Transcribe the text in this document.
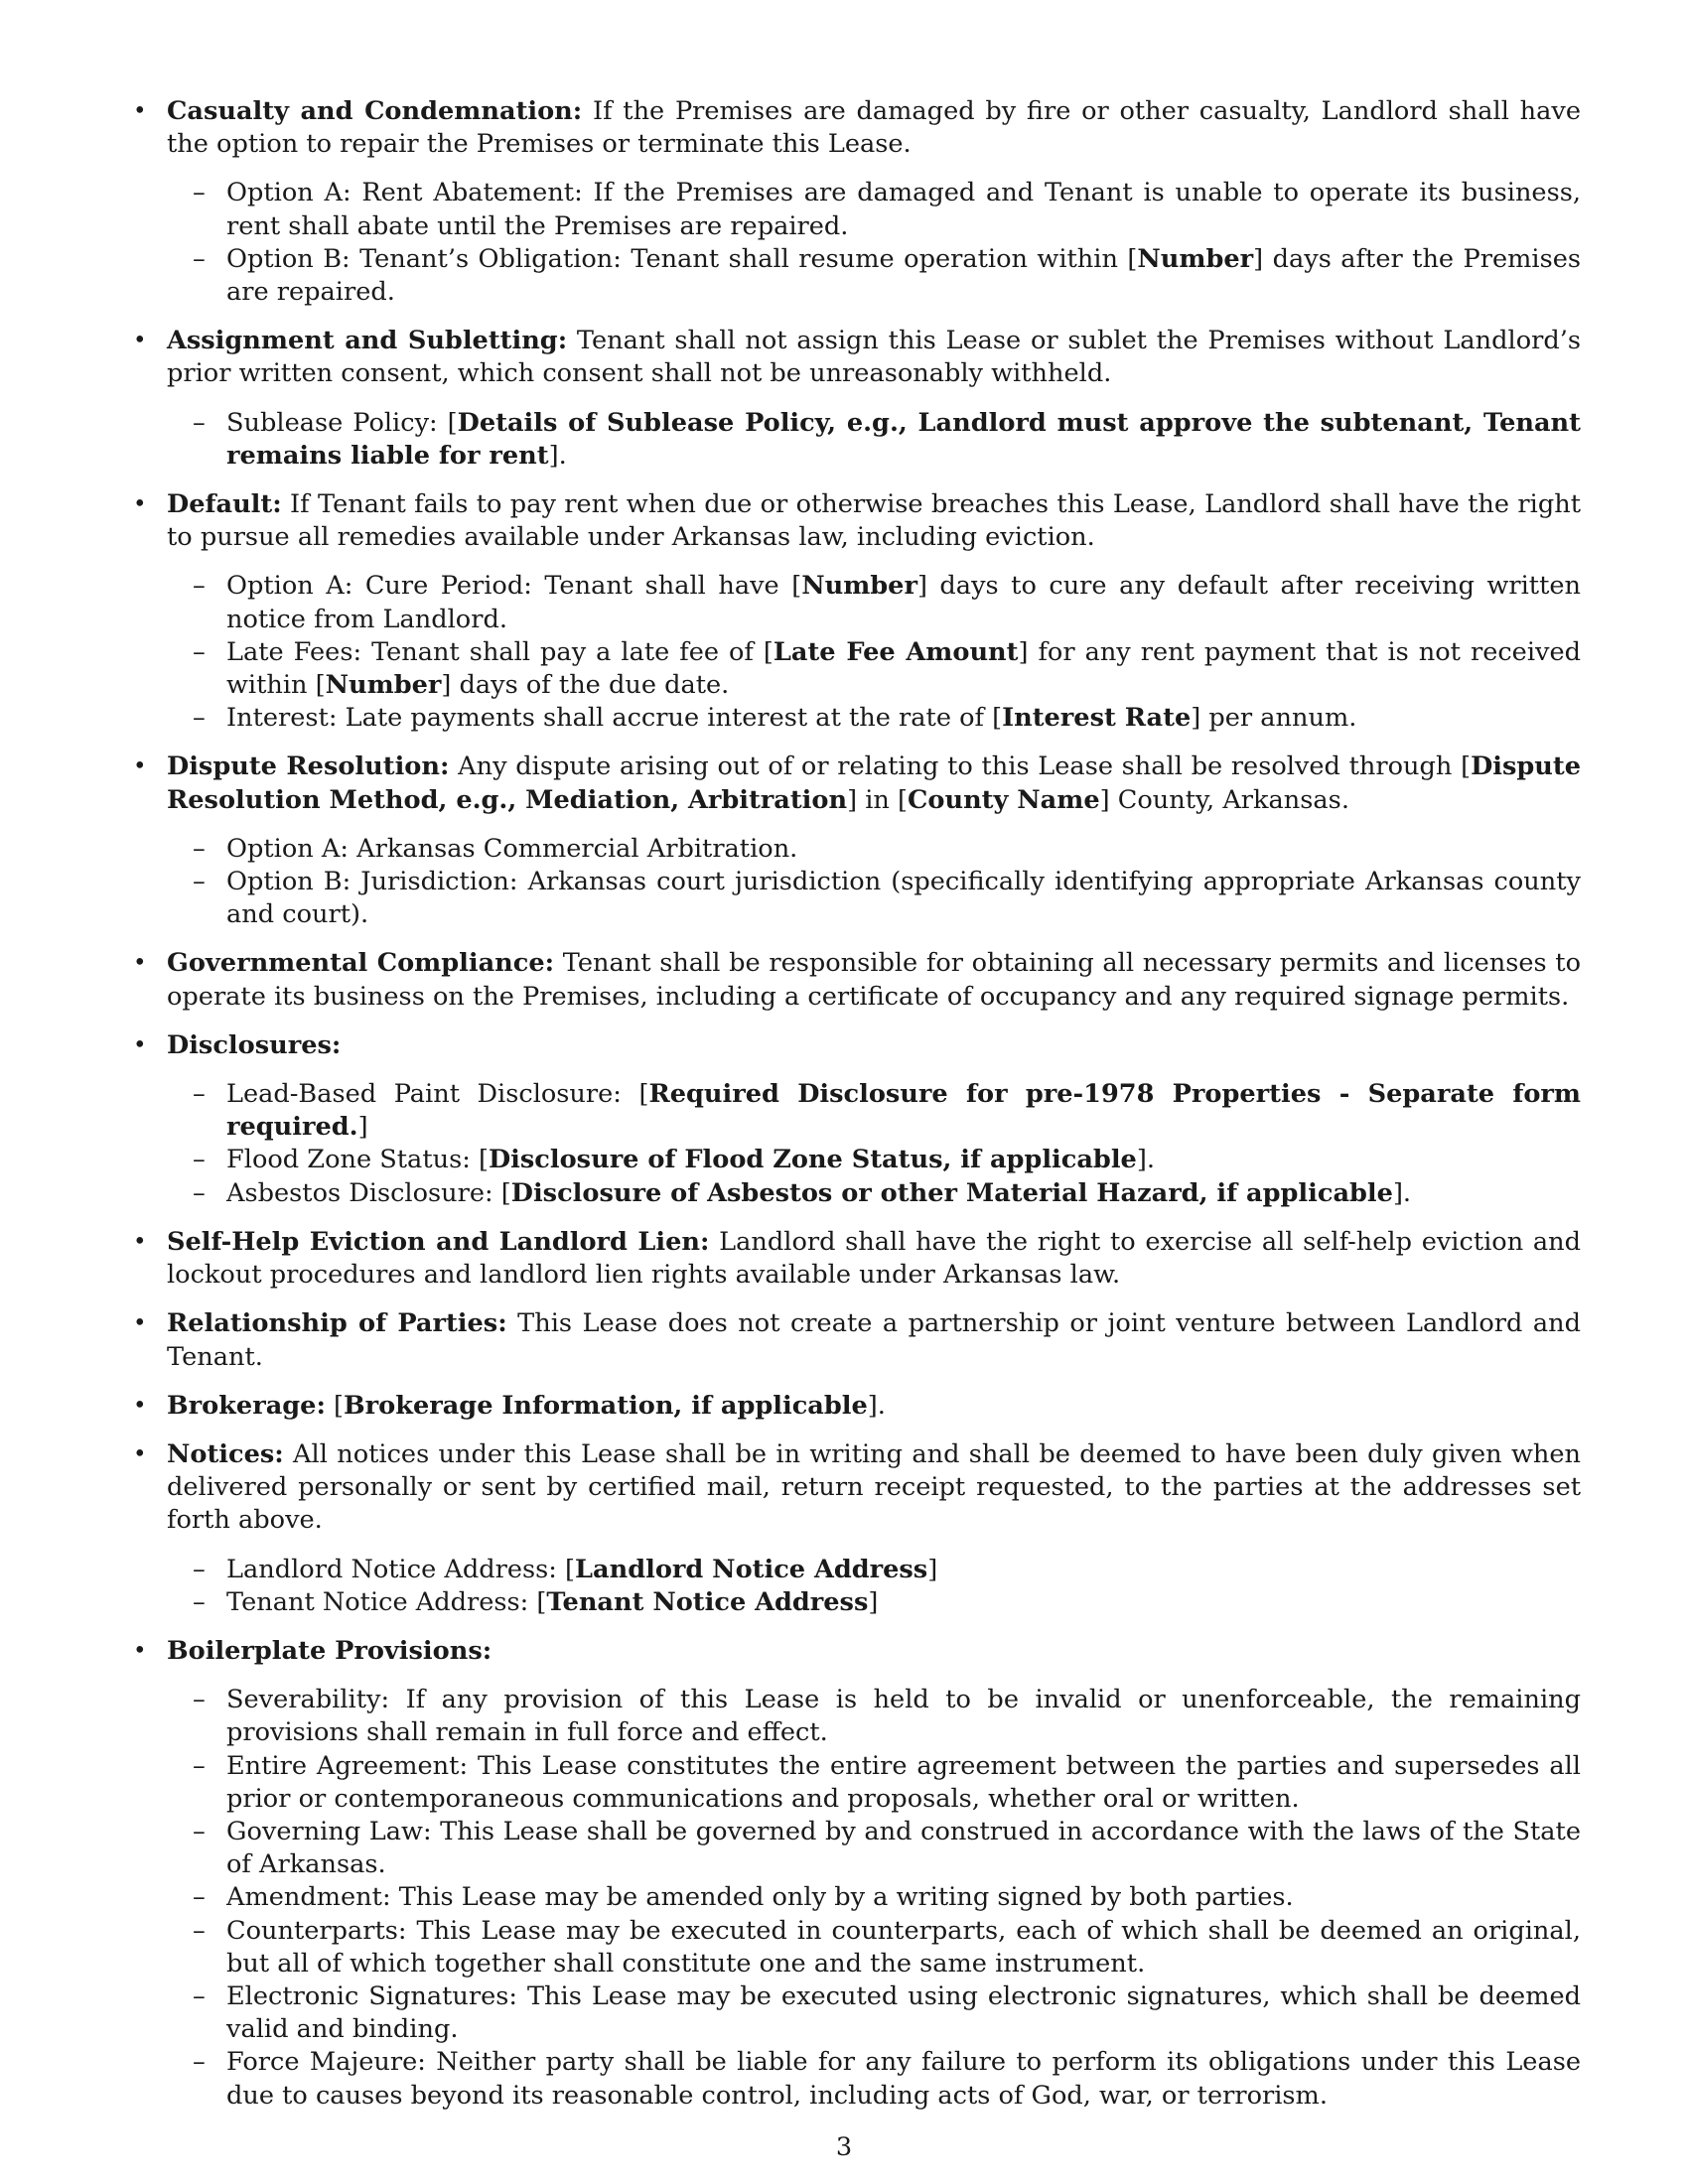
•
Casualty and Condemnation: If the Premises are damaged by fire or other casualty, Landlord shall have the option to repair the Premises or terminate this Lease.
–
Option A: Rent Abatement: If the Premises are damaged and Tenant is unable to operate its business, rent shall abate until the Premises are repaired.
–
Option B: Tenant’s Obligation: Tenant shall resume operation within [Number] days after the Premises are repaired.
•
Assignment and Subletting: Tenant shall not assign this Lease or sublet the Premises without Landlord’s prior written consent, which consent shall not be unreasonably withheld.
–
Sublease Policy: [Details of Sublease Policy, e.g., Landlord must approve the subtenant, Tenant remains liable for rent].
•
Default: If Tenant fails to pay rent when due or otherwise breaches this Lease, Landlord shall have the right to pursue all remedies available under Arkansas law, including eviction.
–
Option A: Cure Period: Tenant shall have [Number] days to cure any default after receiving written notice from Landlord.
–
Late Fees: Tenant shall pay a late fee of [Late Fee Amount] for any rent payment that is not received within [Number] days of the due date.
–
Interest: Late payments shall accrue interest at the rate of [Interest Rate] per annum.
•
Dispute Resolution: Any dispute arising out of or relating to this Lease shall be resolved through [Dispute Resolution Method, e.g., Mediation, Arbitration] in [County Name] County, Arkansas.
–
Option A: Arkansas Commercial Arbitration.
–
Option B: Jurisdiction: Arkansas court jurisdiction (specifically identifying appropriate Arkansas county and court).
•
Governmental Compliance: Tenant shall be responsible for obtaining all necessary permits and licenses to operate its business on the Premises, including a certificate of occupancy and any required signage permits.
•
Disclosures:
–
Lead-Based Paint Disclosure: [Required Disclosure for pre-1978 Properties - Separate form required.]
–
Flood Zone Status: [Disclosure of Flood Zone Status, if applicable].
–
Asbestos Disclosure: [Disclosure of Asbestos or other Material Hazard, if applicable].
•
Self-Help Eviction and Landlord Lien: Landlord shall have the right to exercise all self-help eviction and lockout procedures and landlord lien rights available under Arkansas law.
•
Relationship of Parties: This Lease does not create a partnership or joint venture between Landlord and Tenant.
•
Brokerage: [Brokerage Information, if applicable].
•
Notices: All notices under this Lease shall be in writing and shall be deemed to have been duly given when delivered personally or sent by certified mail, return receipt requested, to the parties at the addresses set forth above.
–
Landlord Notice Address: [Landlord Notice Address]
–
Tenant Notice Address: [Tenant Notice Address]
•
Boilerplate Provisions:
–
Severability: If any provision of this Lease is held to be invalid or unenforceable, the remaining provisions shall remain in full force and effect.
–
Entire Agreement: This Lease constitutes the entire agreement between the parties and supersedes all prior or contemporaneous communications and proposals, whether oral or written.
–
Governing Law: This Lease shall be governed by and construed in accordance with the laws of the State of Arkansas.
–
Amendment: This Lease may be amended only by a writing signed by both parties.
–
Counterparts: This Lease may be executed in counterparts, each of which shall be deemed an original, but all of which together shall constitute one and the same instrument.
–
Electronic Signatures: This Lease may be executed using electronic signatures, which shall be deemed valid and binding.
–
Force Majeure: Neither party shall be liable for any failure to perform its obligations under this Lease due to causes beyond its reasonable control, including acts of God, war, or terrorism.
3
